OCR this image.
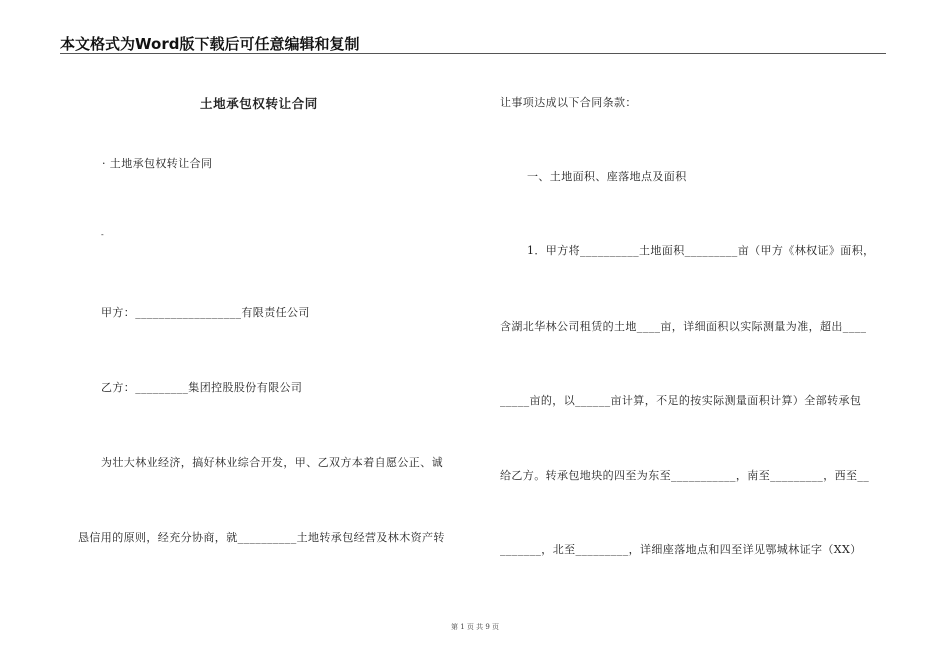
本文格式为Word版下载后可任意编辑和复制

土地承包权转让合同

· 土地承包权转让合同

-

甲方：__________________有限责任公司

乙方：_________集团控股股份有限公司

为壮大林业经济，搞好林业综合开发，甲、乙双方本着自愿公正、诚

恳信用的原则，经充分协商，就__________土地转承包经营及林木资产转

让事项达成以下合同条款：

一、土地面积、座落地点及面积

1．甲方将__________土地面积_________亩（甲方《林权证》面积，

含湖北华林公司租赁的土地____亩，详细面积以实际测量为准，超出____

_____亩的，以______亩计算，不足的按实际测量面积计算）全部转承包

给乙方。转承包地块的四至为东至___________，南至_________，西至__

_______，北至_________，详细座落地点和四至详见鄂城林证字（XX）

第 1 页 共 9 页
